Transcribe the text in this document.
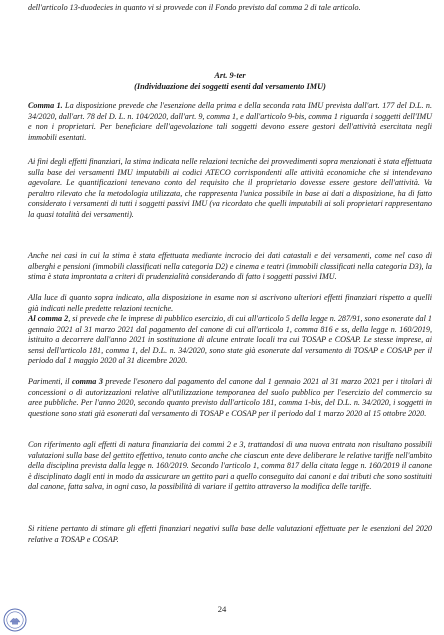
dell'articolo 13-duodecies in quanto vi si provvede con il Fondo previsto dal comma 2 di tale articolo.

Art. 9-ter

(Individuazione dei soggetti esenti dal versamento IMU)

Comma 1. La disposizione prevede che l'esenzione della prima e della seconda rata IMU prevista dall'art. 177 del D.L. n. 34/2020, dall'art. 78 del D. L. n. 104/2020, dall'art. 9, comma 1, e dall'articolo 9-bis, comma 1 riguarda i soggetti dell'IMU e non i proprietari. Per beneficiare dell'agevolazione tali soggetti devono essere gestori dell'attività esercitata negli immobili esentati.

Ai fini degli effetti finanziari, la stima indicata nelle relazioni tecniche dei provvedimenti sopra menzionati è stata effettuata sulla base dei versamenti IMU imputabili ai codici ATECO corrispondenti alle attività economiche che si intendevano agevolare. Le quantificazioni tenevano conto del requisito che il proprietario dovesse essere gestore dell'attività. Va peraltro rilevato che la metodologia utilizzata, che rappresenta l'unica possibile in base ai dati a disposizione, ha di fatto considerato i versamenti di tutti i soggetti passivi IMU (va ricordato che quelli imputabili ai soli proprietari rappresentano la quasi totalità dei versamenti).

Anche nei casi in cui la stima è stata effettuata mediante incrocio dei dati catastali e dei versamenti, come nel caso di alberghi e pensioni (immobili classificati nella categoria D2) e cinema e teatri (immobili classificati nella categoria D3), la stima è stata improntata a criteri di prudenzialità considerando di fatto i soggetti passivi IMU.

Alla luce di quanto sopra indicato, alla disposizione in esame non si ascrivono ulteriori effetti finanziari rispetto a quelli già indicati nelle predette relazioni tecniche.

Al comma 2, si prevede che le imprese di pubblico esercizio, di cui all'articolo 5 della legge n. 287/91, sono esonerate dal 1 gennaio 2021 al 31 marzo 2021 dal pagamento del canone di cui all'articolo 1, comma 816 e ss, della legge n. 160/2019, istituito a decorrere dall'anno 2021 in sostituzione di alcune entrate locali tra cui TOSAP e COSAP. Le stesse imprese, ai sensi dell'articolo 181, comma 1, del D.L. n. 34/2020, sono state già esonerate dal versamento di TOSAP e COSAP per il periodo dal 1 maggio 2020 al 31 dicembre 2020.

Parimenti, il comma 3 prevede l'esonero dal pagamento del canone dal 1 gennaio 2021 al 31 marzo 2021 per i titolari di concessioni o di autorizzazioni relative all'utilizzazione temporanea del suolo pubblico per l'esercizio del commercio su aree pubbliche. Per l'anno 2020, secondo quanto previsto dall'articolo 181, comma 1-bis, del D.L. n. 34/2020, i soggetti in questione sono stati già esonerati dal versamento di TOSAP e COSAP per il periodo dal 1 marzo 2020 al 15 ottobre 2020.

Con riferimento agli effetti di natura finanziaria dei commi 2 e 3, trattandosi di una nuova entrata non risultano possibili valutazioni sulla base del gettito effettivo, tenuto conto anche che ciascun ente deve deliberare le relative tariffe nell'ambito della disciplina prevista dalla legge n. 160/2019. Secondo l'articolo 1, comma 817 della citata legge n. 160/2019 il canone è disciplinato dagli enti in modo da assicurare un gettito pari a quello conseguito dai canoni e dai tributi che sono sostituiti dal canone, fatta salva, in ogni caso, la possibilità di variare il gettito attraverso la modifica delle tariffe.

Si ritiene pertanto di stimare gli effetti finanziari negativi sulla base delle valutazioni effettuate per le esenzioni del 2020 relative a TOSAP e COSAP.

24
